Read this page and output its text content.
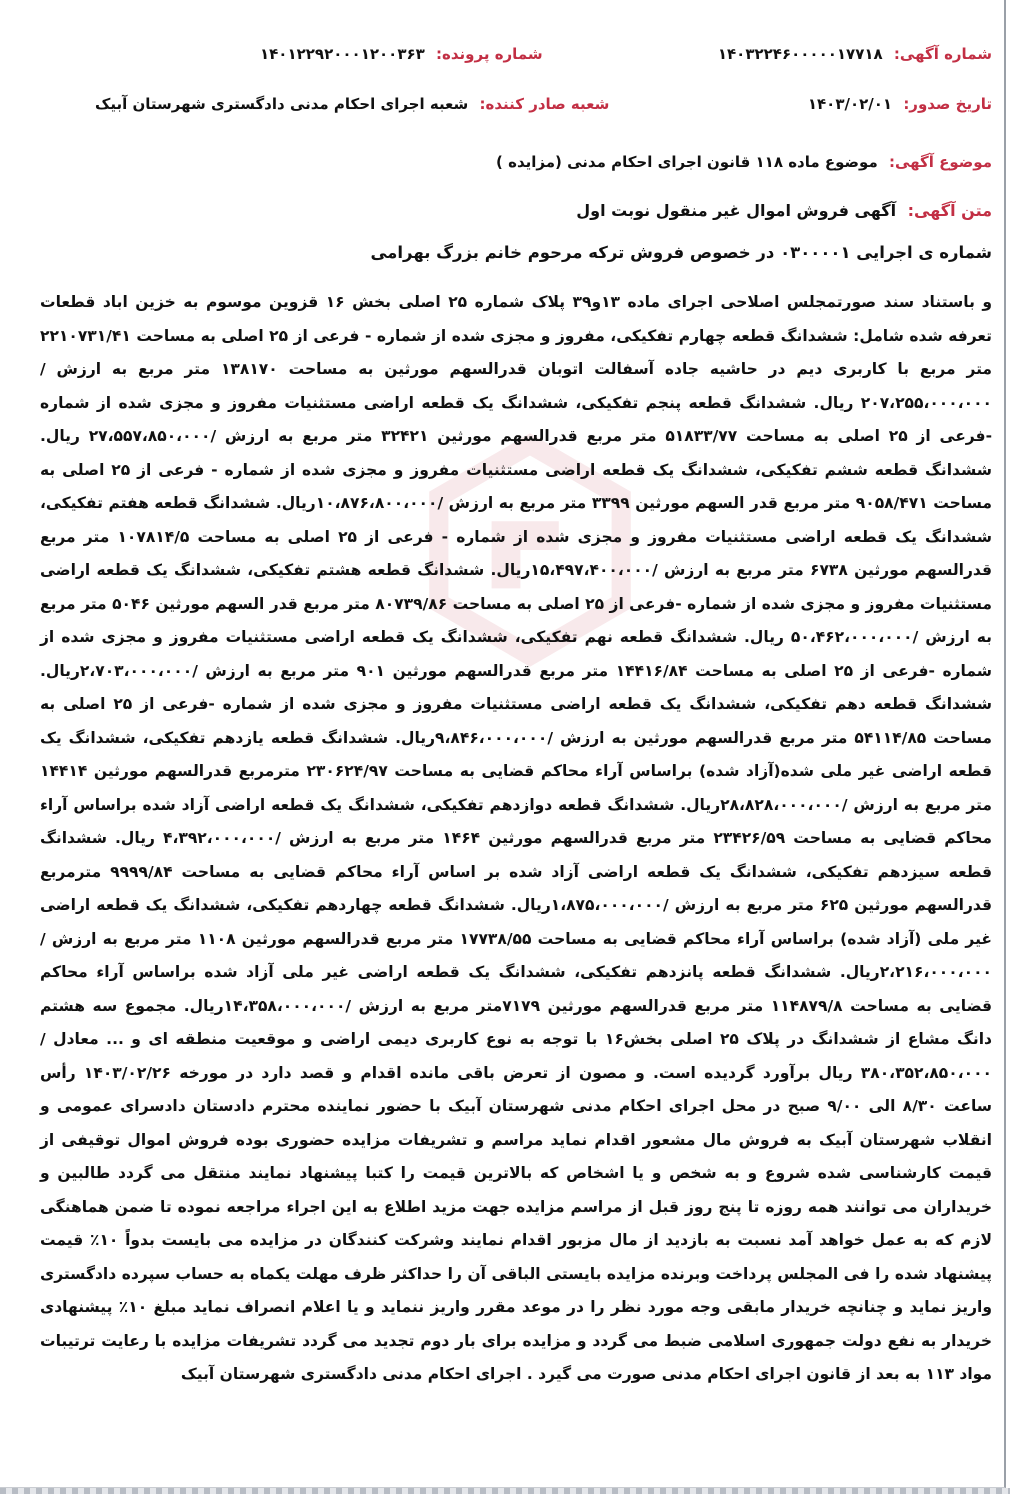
شماره آگهی: ۱۴۰۳۲۲۴۶۰۰۰۰۰۱۷۷۱۸
شماره پرونده: ۱۴۰۱۲۲۹۲۰۰۰۱۲۰۰۳۶۳
تاریخ صدور: ۱۴۰۳/۰۲/۰۱
شعبه صادر کننده: شعبه اجرای احکام مدنی دادگستری شهرستان آبیک
موضوع آگهی: موضوع ماده ۱۱۸ قانون اجرای احکام مدنی (مزایده )
متن آگهی: آگهی فروش اموال غیر منقول نوبت اول
شماره ی اجرایی ۰۳۰۰۰۰۱ در خصوص فروش ترکه مرحوم خانم بزرگ بهرامی
و باستناد سند صورتمجلس اصلاحی اجرای ماده ۱۳و۳۹ پلاک شماره ۲۵ اصلی بخش ۱۶ قزوین موسوم به خزین اباد قطعات تعرفه شده شامل: ششدانگ قطعه چهارم تفکیکی، مفروز و مجزی شده از شماره - فرعی از ۲۵ اصلی به مساحت ۲۲۱۰۷۳۱/۴۱ متر مربع با کاربری دیم در حاشیه جاده آسفالت اتوبان قدرالسهم مورثین به مساحت ۱۳۸۱۷۰ متر مربع به ارزش /۲۰۷،۲۵۵،۰۰۰،۰۰۰ ریال. ششدانگ قطعه پنجم تفکیکی، ششدانگ یک قطعه اراضی مستثنیات مفروز و مجزی شده از شماره -فرعی از ۲۵ اصلی به مساحت ۵۱۸۳۳/۷۷ متر مربع قدرالسهم مورثین ۳۲۴۲۱ متر مربع به ارزش /۲۷،۵۵۷،۸۵۰،۰۰۰ ریال. ششدانگ قطعه ششم تفکیکی، ششدانگ یک قطعه اراضی مستثنیات مفروز و مجزی شده از شماره - فرعی از ۲۵ اصلی به مساحت ۹۰۵۸/۴۷۱ متر مربع قدر السهم مورثین ۳۳۹۹ متر مربع به ارزش /۱۰،۸۷۶،۸۰۰،۰۰۰ریال. ششدانگ قطعه هفتم تفکیکی، ششدانگ یک قطعه اراضی مستثنیات مفروز و مجزی شده از شماره - فرعی از ۲۵ اصلی به مساحت ۱۰۷۸۱۴/۵ متر مربع قدرالسهم مورثین ۶۷۳۸ متر مربع به ارزش /۱۵،۴۹۷،۴۰۰،۰۰۰ریال. ششدانگ قطعه هشتم تفکیکی، ششدانگ یک قطعه اراضی مستثنیات مفروز و مجزی شده از شماره -فرعی از ۲۵ اصلی به مساحت ۸۰۷۳۹/۸۶ متر مربع قدر السهم مورثین ۵۰۴۶ متر مربع به ارزش /۵۰،۴۶۲،۰۰۰،۰۰۰ ریال. ششدانگ قطعه نهم تفکیکی، ششدانگ یک قطعه اراضی مستثنیات مفروز و مجزی شده از شماره -فرعی از ۲۵ اصلی به مساحت ۱۴۴۱۶/۸۴ متر مربع قدرالسهم مورثین ۹۰۱ متر مربع به ارزش /۲،۷۰۳،۰۰۰،۰۰۰ریال. ششدانگ قطعه دهم تفکیکی، ششدانگ یک قطعه اراضی مستثنیات مفروز و مجزی شده از شماره -فرعی از ۲۵ اصلی به مساحت ۵۴۱۱۴/۸۵ متر مربع قدرالسهم مورثین به ارزش /۹،۸۴۶،۰۰۰،۰۰۰ریال. ششدانگ قطعه یازدهم تفکیکی، ششدانگ یک قطعه اراضی غیر ملی شده(آزاد شده) براساس آراء محاکم قضایی به مساحت ۲۳۰۶۲۴/۹۷ مترمربع قدرالسهم مورثین ۱۴۴۱۴ متر مربع به ارزش /۲۸،۸۲۸،۰۰۰،۰۰۰ریال. ششدانگ قطعه دوازدهم تفکیکی، ششدانگ یک قطعه اراضی آزاد شده براساس آراء محاکم قضایی به مساحت ۲۳۴۲۶/۵۹ متر مربع قدرالسهم مورثین ۱۴۶۴ متر مربع به ارزش /۴،۳۹۲،۰۰۰،۰۰۰ ریال. ششدانگ قطعه سیزدهم تفکیکی، ششدانگ یک قطعه اراضی آزاد شده بر اساس آراء محاکم قضایی به مساحت ۹۹۹۹/۸۴ مترمربع قدرالسهم مورثین ۶۲۵ متر مربع به ارزش /۱،۸۷۵،۰۰۰،۰۰۰ریال. ششدانگ قطعه چهاردهم تفکیکی، ششدانگ یک قطعه اراضی غیر ملی (آزاد شده) براساس آراء محاکم قضایی به مساحت ۱۷۷۳۸/۵۵ متر مربع قدرالسهم مورثین ۱۱۰۸ متر مربع به ارزش /۲،۲۱۶،۰۰۰،۰۰۰ریال. ششدانگ قطعه پانزدهم تفکیکی، ششدانگ یک قطعه اراضی غیر ملی آزاد شده براساس آراء محاکم قضایی به مساحت ۱۱۴۸۷۹/۸ متر مربع قدرالسهم مورثین ۷۱۷۹متر مربع به ارزش /۱۴،۳۵۸،۰۰۰،۰۰۰ریال. مجموع سه هشتم دانگ مشاع از ششدانگ در پلاک ۲۵ اصلی بخش۱۶ با توجه به نوع کاربری دیمی اراضی و موقعیت منطقه ای و ... معادل /۳۸۰،۳۵۲،۸۵۰،۰۰۰ ریال برآورد گردیده است. و مصون از تعرض باقی مانده اقدام و قصد دارد در مورخه ۱۴۰۳/۰۲/۲۶ رأس ساعت ۸/۳۰ الی ۹/۰۰ صبح در محل اجرای احکام مدنی شهرستان آبیک با حضور نماینده محترم دادستان دادسرای عمومی و انقلاب شهرستان آبیک به فروش مال مشعور اقدام نماید مراسم و تشریفات مزایده حضوری بوده فروش اموال توقیفی از قیمت کارشناسی شده شروع و به شخص و یا اشخاص که بالاترین قیمت را کتبا پیشنهاد نمایند منتقل می گردد طالبین و خریداران می توانند همه روزه تا پنج روز قبل از مراسم مزایده جهت مزید اطلاع به این اجراء مراجعه نموده تا ضمن هماهنگی لازم که به عمل خواهد آمد نسبت به بازدید از مال مزبور اقدام نمایند وشرکت کنندگان در مزایده می بایست بدواً ۱۰٪ قیمت پیشنهاد شده را فی المجلس پرداخت وبرنده مزایده بایستی الباقی آن را حداکثر ظرف مهلت یکماه به حساب سپرده دادگستری واریز نماید و چنانچه خریدار مابقی وجه مورد نظر را در موعد مقرر واریز ننماید و یا اعلام انصراف نماید مبلغ ۱۰٪ پیشنهادی خریدار به نفع دولت جمهوری اسلامی ضبط می گردد و مزایده برای بار دوم تجدید می گردد تشریفات مزایده با رعایت ترتیبات مواد ۱۱۳ به بعد از قانون اجرای احکام مدنی صورت می گیرد . اجرای احکام مدنی دادگستری شهرستان آبیک
